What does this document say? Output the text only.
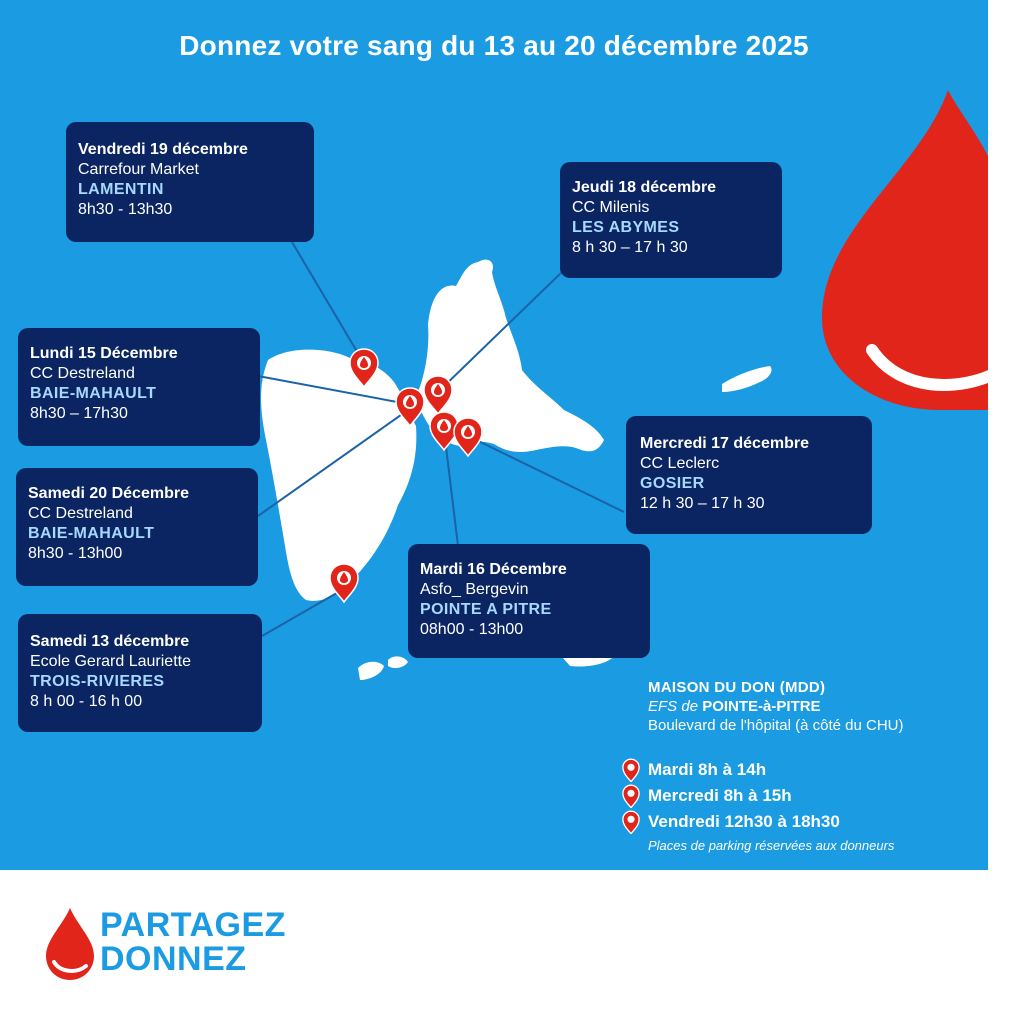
Donnez votre sang du 13 au 20 décembre 2025
Vendredi 19 décembre
Carrefour Market
LAMENTIN
8h30 - 13h30
Jeudi 18 décembre
CC Milenis
LES ABYMES
8 h 30 – 17 h 30
Lundi 15 Décembre
CC Destreland
BAIE-MAHAULT
8h30 – 17h30
Samedi 20 Décembre
CC Destreland
BAIE-MAHAULT
8h30 - 13h00
Mercredi 17 décembre
CC Leclerc
GOSIER
12 h 30 – 17 h 30
Mardi 16 Décembre
Asfo_ Bergevin
POINTE A PITRE
08h00 - 13h00
Samedi 13 décembre
Ecole Gerard Lauriette
TROIS-RIVIERES
8 h 00 - 16 h 00
MAISON DU DON (MDD)
EFS de POINTE-à-PITRE
Boulevard de l'hôpital (à côté du CHU)
Mardi 8h à 14h
Mercredi 8h à 15h
Vendredi 12h30 à 18h30
Places de parking réservées aux donneurs
PARTAGEZ
DONNEZ
